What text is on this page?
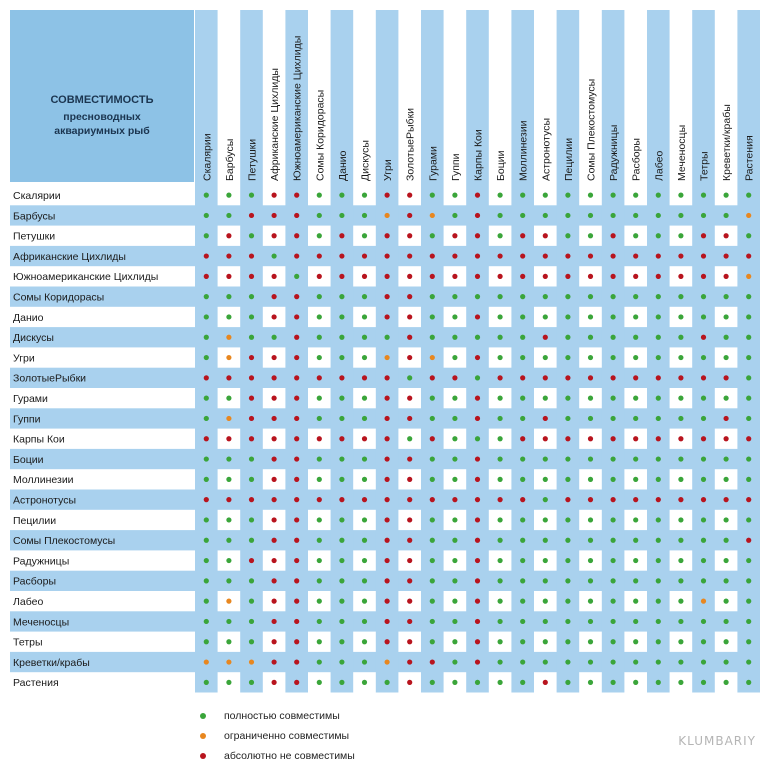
СОВМЕСТИМОСТЬ
пресноводных аквариумных рыб
Скалярии Барбусы Петушки Африканские Цихлиды Южноамериканские Цихлиды Сомы Коридорасы Данио Дискусы Угри ЗолотыеРыбки Гурами Гуппи Карпы Кои Боции Моллинезии Астронотусы Пецилии Сомы Плекостомусы Радужницы Расборы Лабео Меченосцы Тетры Креветки/крабы Растения
Скалярии
Барбусы
Петушки
Африканские Цихлиды
Южноамериканские Цихлиды
Сомы Коридорасы
Данио
Дискусы
Угри
ЗолотыеРыбки
Гурами
Гуппи
Карпы Кои
Боции
Моллинезии
Астронотусы
Пецилии
Сомы Плекостомусы
Радужницы
Расборы
Лабео
Меченосцы
Тетры
Креветки/крабы
Растения
полностью совместимы
ограниченно совместимы
абсолютно не совместимы
KLUMBARIY
